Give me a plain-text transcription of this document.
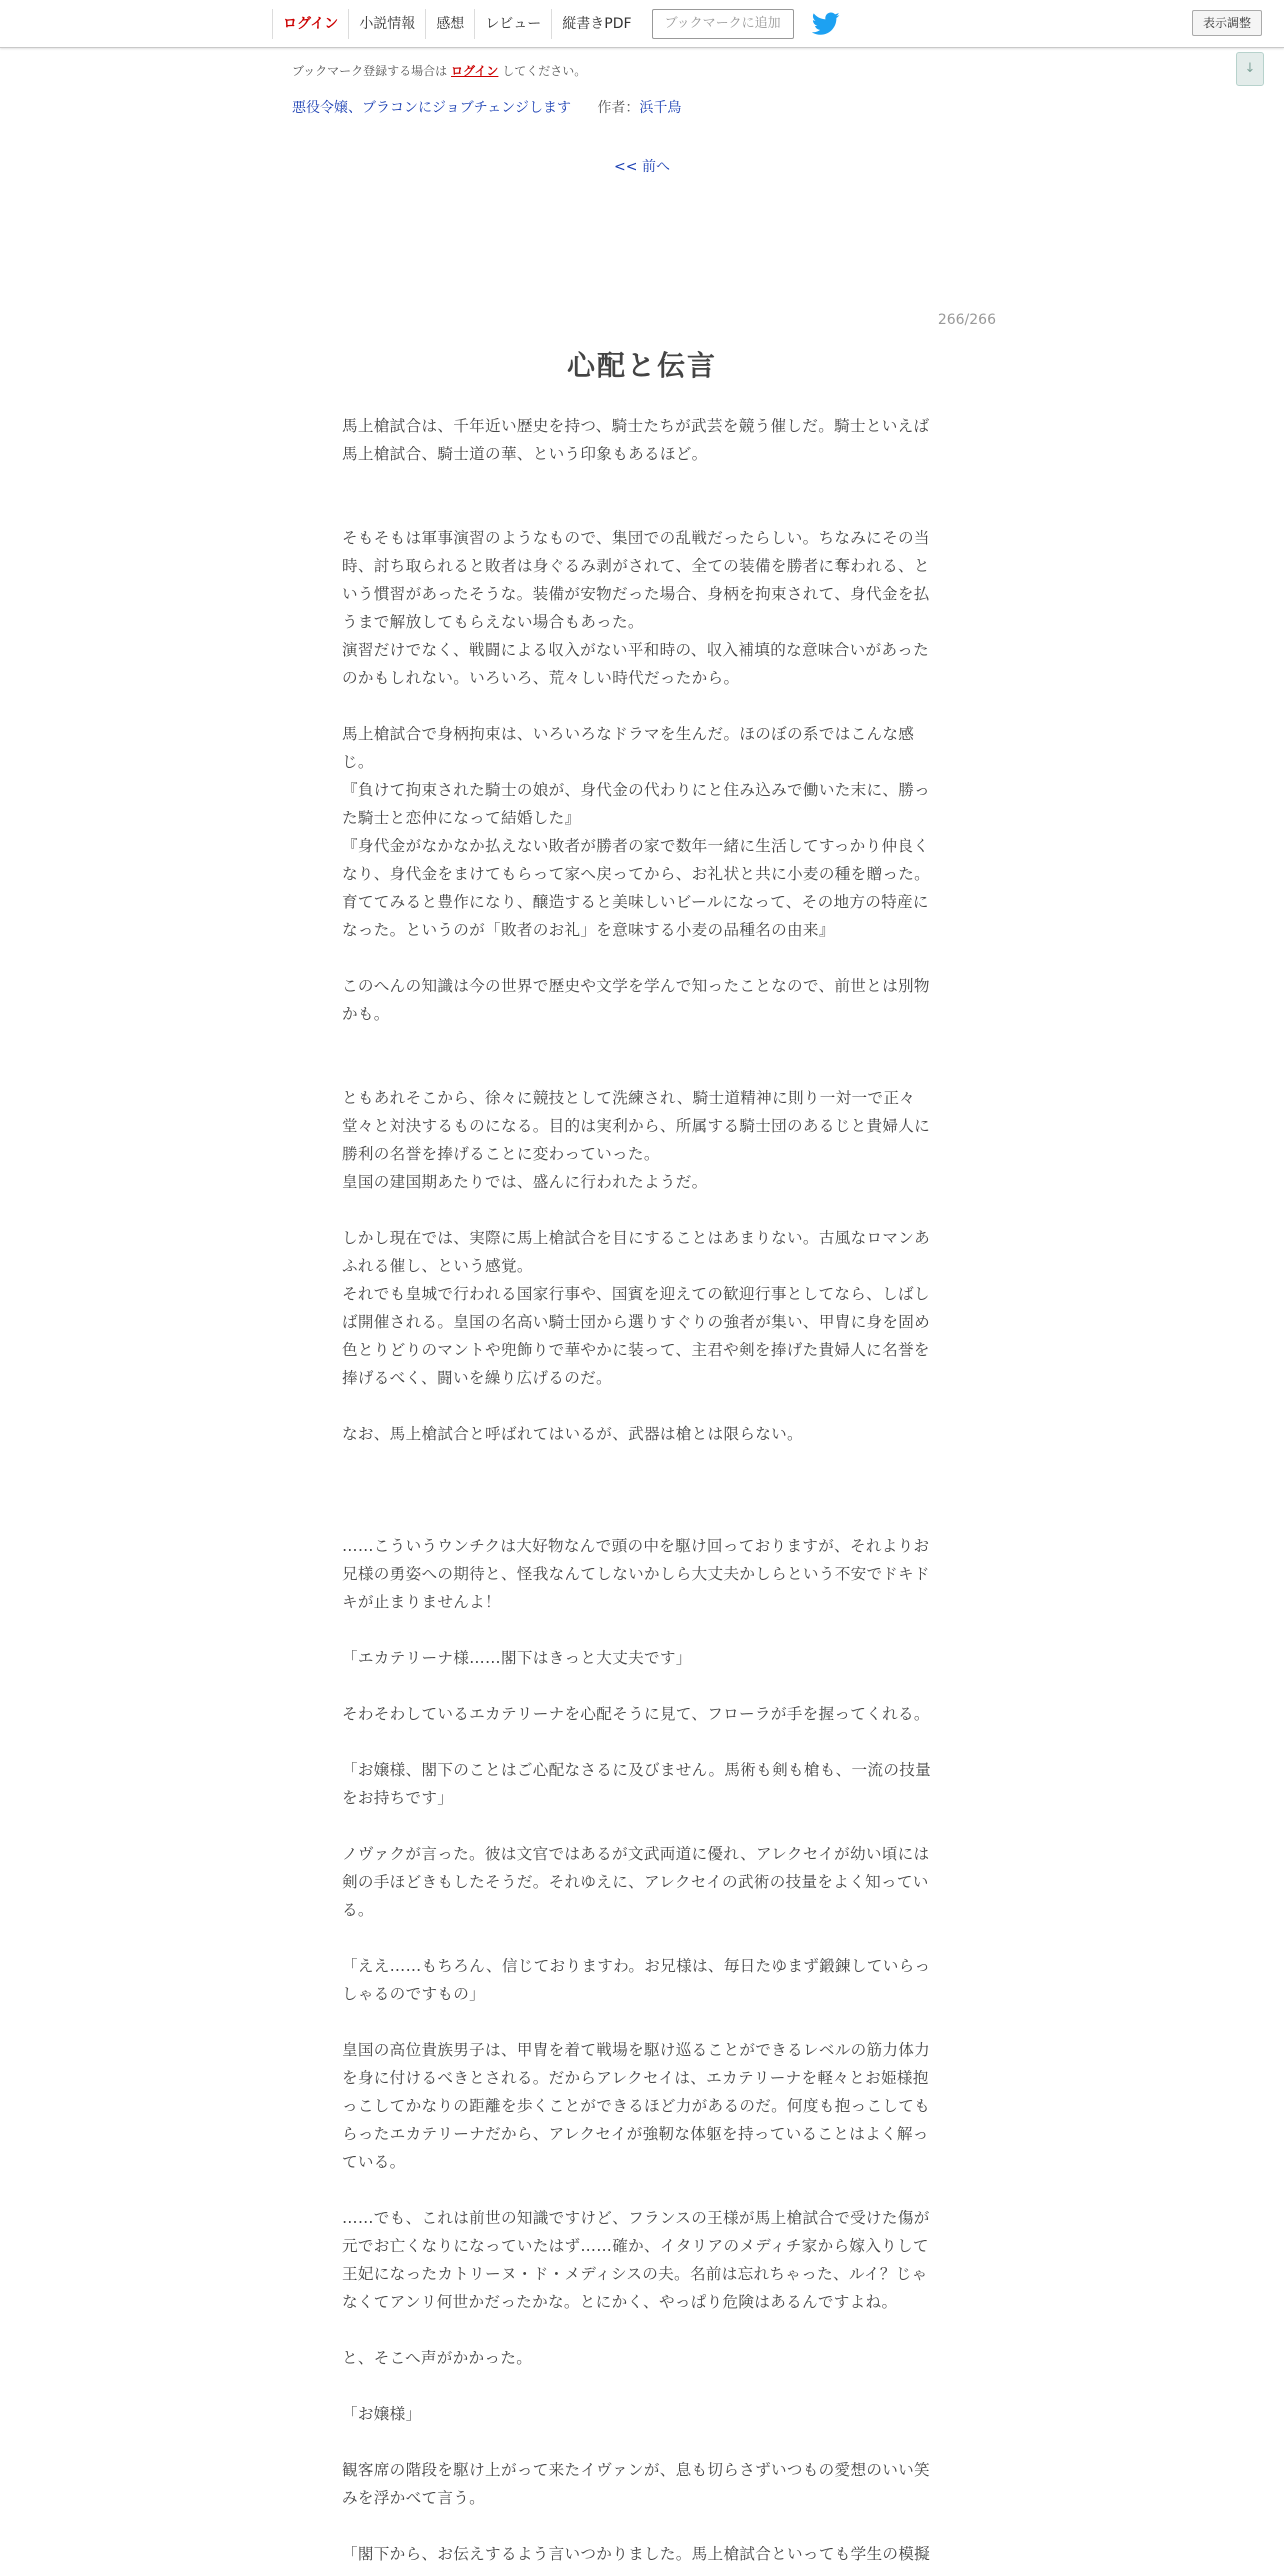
ログイン	小説情報	感想	レビュー	縦書きPDF	ブックマークに追加	表示調整
↓
ブックマーク登録する場合は ログイン してください。
悪役令嬢、ブラコンにジョブチェンジします 作者：浜千鳥
<< 前へ
266/266
心配と伝言

馬上槍試合は、千年近い歴史を持つ、騎士たちが武芸を競う催しだ。騎士といえば馬上槍試合、騎士道の華、という印象もあるほど。

そもそもは軍事演習のようなもので、集団での乱戦だったらしい。ちなみにその当時、討ち取られると敗者は身ぐるみ剥がされて、全ての装備を勝者に奪われる、という慣習があったそうな。装備が安物だった場合、身柄を拘束されて、身代金を払うまで解放してもらえない場合もあった。

演習だけでなく、戦闘による収入がない平和時の、収入補填的な意味合いがあったのかもしれない。いろいろ、荒々しい時代だったから。

馬上槍試合で身柄拘束は、いろいろなドラマを生んだ。ほのぼの系ではこんな感じ。

『負けて拘束された騎士の娘が、身代金の代わりにと住み込みで働いた末に、勝った騎士と恋仲になって結婚した』

『身代金がなかなか払えない敗者が勝者の家で数年一緒に生活してすっかり仲良くなり、身代金をまけてもらって家へ戻ってから、お礼状と共に小麦の種を贈った。育ててみると豊作になり、醸造すると美味しいビールになって、その地方の特産になった。というのが「敗者のお礼」を意味する小麦の品種名の由来』

このへんの知識は今の世界で歴史や文学を学んで知ったことなので、前世とは別物かも。

ともあれそこから、徐々に競技として洗練され、騎士道精神に則り一対一で正々堂々と対決するものになる。目的は実利から、所属する騎士団のあるじと貴婦人に勝利の名誉を捧げることに変わっていった。

皇国の建国期あたりでは、盛んに行われたようだ。

しかし現在では、実際に馬上槍試合を目にすることはあまりない。古風なロマンあふれる催し、という感覚。

それでも皇城で行われる国家行事や、国賓を迎えての歓迎行事としてなら、しばしば開催される。皇国の名高い騎士団から選りすぐりの強者が集い、甲冑に身を固め色とりどりのマントや兜飾りで華やかに装って、主君や剣を捧げた貴婦人に名誉を捧げるべく、闘いを繰り広げるのだ。

なお、馬上槍試合と呼ばれてはいるが、武器は槍とは限らない。

……こういうウンチクは大好物なんで頭の中を駆け回っておりますが、それよりお兄様の勇姿への期待と、怪我なんてしないかしら大丈夫かしらという不安でドキドキが止まりませんよ！

「エカテリーナ様……閣下はきっと大丈夫です」

そわそわしているエカテリーナを心配そうに見て、フローラが手を握ってくれる。

「お嬢様、閣下のことはご心配なさるに及びません。馬術も剣も槍も、一流の技量をお持ちです」

ノヴァクが言った。彼は文官ではあるが文武両道に優れ、アレクセイが幼い頃には剣の手ほどきもしたそうだ。それゆえに、アレクセイの武術の技量をよく知っている。

「ええ……もちろん、信じておりますわ。お兄様は、毎日たゆまず鍛錬していらっしゃるのですもの」

皇国の高位貴族男子は、甲冑を着て戦場を駆け巡ることができるレベルの筋力体力を身に付けるべきとされる。だからアレクセイは、エカテリーナを軽々とお姫様抱っこしてかなりの距離を歩くことができるほど力があるのだ。何度も抱っこしてもらったエカテリーナだから、アレクセイが強靭な体躯を持っていることはよく解っている。

……でも、これは前世の知識ですけど、フランスの王様が馬上槍試合で受けた傷が元でお亡くなりになっていたはず……確か、イタリアのメディチ家から嫁入りして王妃になったカトリーヌ・ド・メディシスの夫。名前は忘れちゃった、ルイ？じゃなくてアンリ何世かだったかな。とにかく、やっぱり危険はあるんですよね。

と、そこへ声がかかった。

「お嬢様」

観客席の階段を駆け上がって来たイヴァンが、息も切らさずいつもの愛想のいい笑みを浮かべて言う。

「閣下から、お伝えするよう言いつかりました。馬上槍試合といっても学生の模擬
